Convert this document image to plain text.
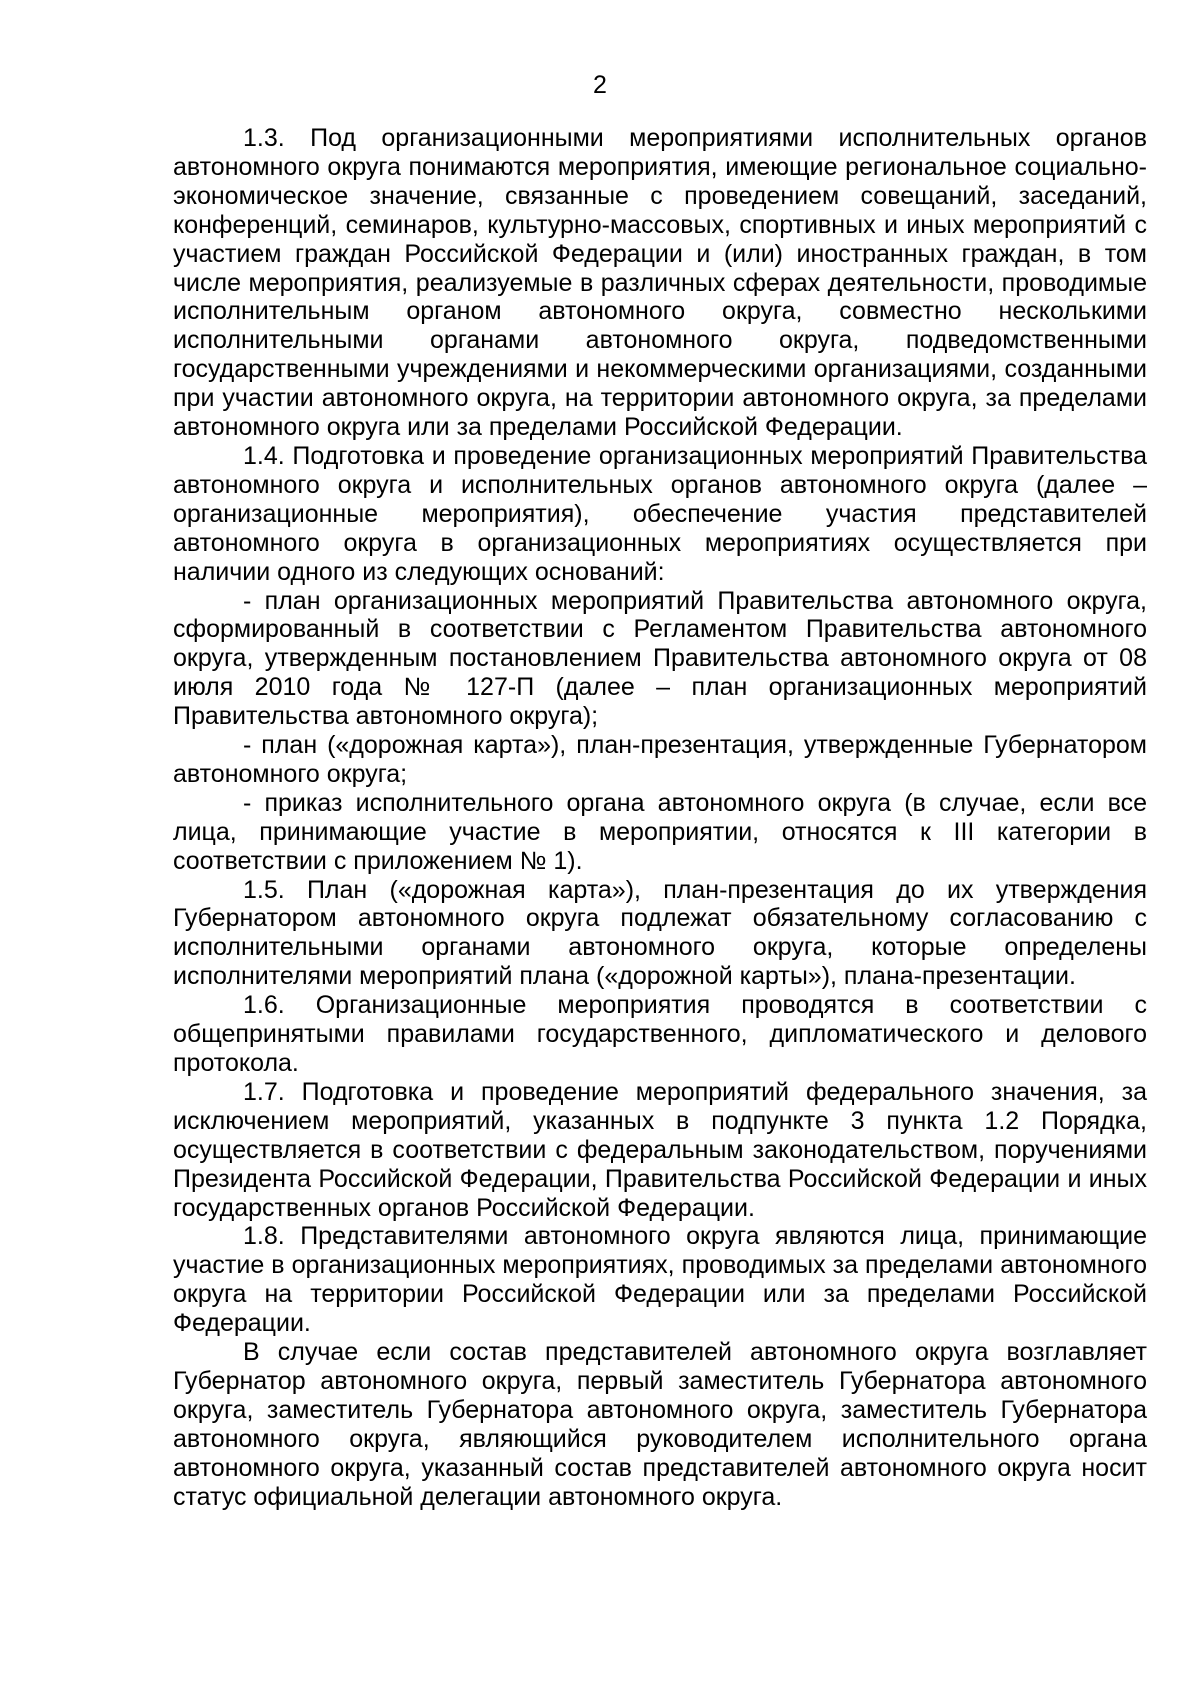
2

1.3. Под организационными мероприятиями исполнительных органов автономного округа понимаются мероприятия, имеющие региональное социально-экономическое значение, связанные с проведением совещаний, заседаний, конференций, семинаров, культурно-массовых, спортивных и иных мероприятий с участием граждан Российской Федерации и (или) иностранных граждан, в том числе мероприятия, реализуемые в различных сферах деятельности, проводимые исполнительным органом автономного округа, совместно несколькими исполнительными органами автономного округа, подведомственными государственными учреждениями и некоммерческими организациями, созданными при участии автономного округа, на территории автономного округа, за пределами автономного округа или за пределами Российской Федерации.

1.4. Подготовка и проведение организационных мероприятий Правительства автономного округа и исполнительных органов автономного округа (далее – организационные мероприятия), обеспечение участия представителей автономного округа в организационных мероприятиях осуществляется при наличии одного из следующих оснований:

- план организационных мероприятий Правительства автономного округа, сформированный в соответствии с Регламентом Правительства автономного округа, утвержденным постановлением Правительства автономного округа от 08 июля 2010 года № 127-П (далее – план организационных мероприятий Правительства автономного округа);

- план («дорожная карта»), план-презентация, утвержденные Губернатором автономного округа;

- приказ исполнительного органа автономного округа (в случае, если все лица, принимающие участие в мероприятии, относятся к III категории в соответствии с приложением № 1).

1.5. План («дорожная карта»), план-презентация до их утверждения Губернатором автономного округа подлежат обязательному согласованию с исполнительными органами автономного округа, которые определены исполнителями мероприятий плана («дорожной карты»), плана-презентации.

1.6. Организационные мероприятия проводятся в соответствии с общепринятыми правилами государственного, дипломатического и делового протокола.

1.7. Подготовка и проведение мероприятий федерального значения, за исключением мероприятий, указанных в подпункте 3 пункта 1.2 Порядка, осуществляется в соответствии с федеральным законодательством, поручениями Президента Российской Федерации, Правительства Российской Федерации и иных государственных органов Российской Федерации.

1.8. Представителями автономного округа являются лица, принимающие участие в организационных мероприятиях, проводимых за пределами автономного округа на территории Российской Федерации или за пределами Российской Федерации.

В случае если состав представителей автономного округа возглавляет Губернатор автономного округа, первый заместитель Губернатора автономного округа, заместитель Губернатора автономного округа, заместитель Губернатора автономного округа, являющийся руководителем исполнительного органа автономного округа, указанный состав представителей автономного округа носит статус официальной делегации автономного округа.
